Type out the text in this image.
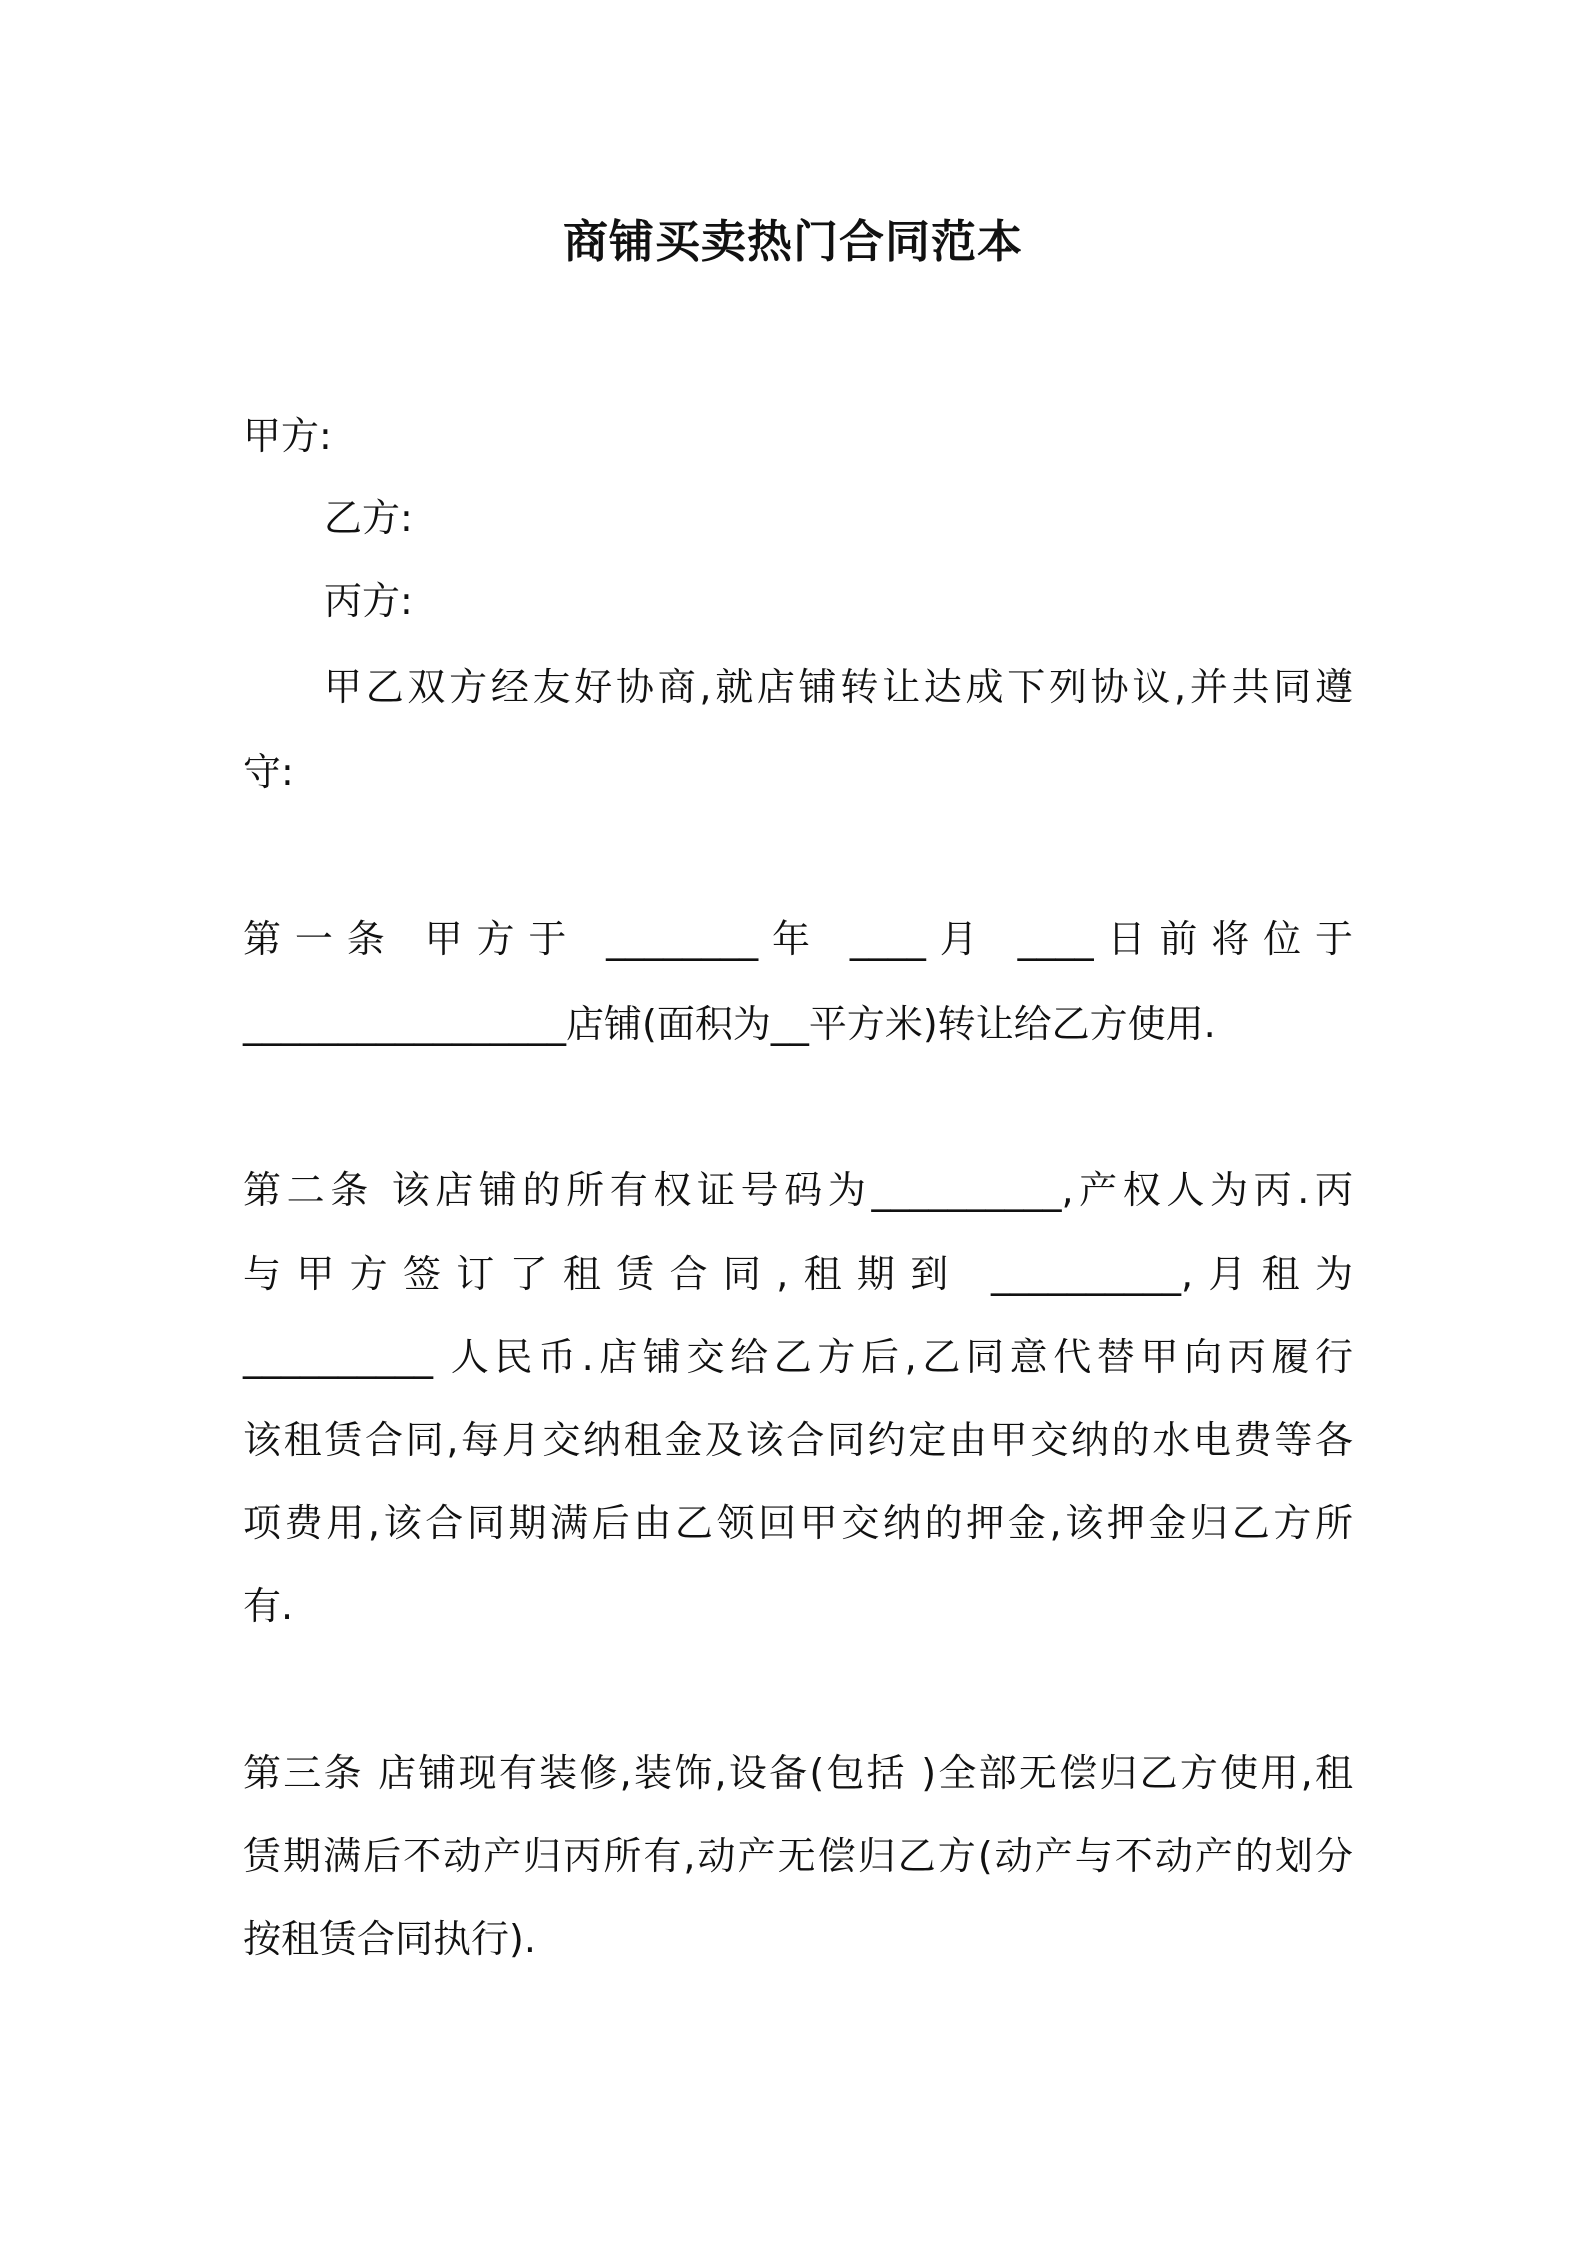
商铺买卖热门合同范本

甲方:

乙方:

丙方:

甲乙双方经友好协商,就店铺转让达成下列协议,并共同遵

守:

第一条 甲方于 ________年 ____月 ____日前将位于

_________________店铺(面积为__平方米)转让给乙方使用.

第二条 该店铺的所有权证号码为__________,产权人为丙.丙

与甲方签订了租赁合同,租期到 __________,月租为

__________ 人民币.店铺交给乙方后,乙同意代替甲向丙履行

该租赁合同,每月交纳租金及该合同约定由甲交纳的水电费等各

项费用,该合同期满后由乙领回甲交纳的押金,该押金归乙方所

有.

第三条 店铺现有装修,装饰,设备(包括 )全部无偿归乙方使用,租

赁期满后不动产归丙所有,动产无偿归乙方(动产与不动产的划分

按租赁合同执行).
